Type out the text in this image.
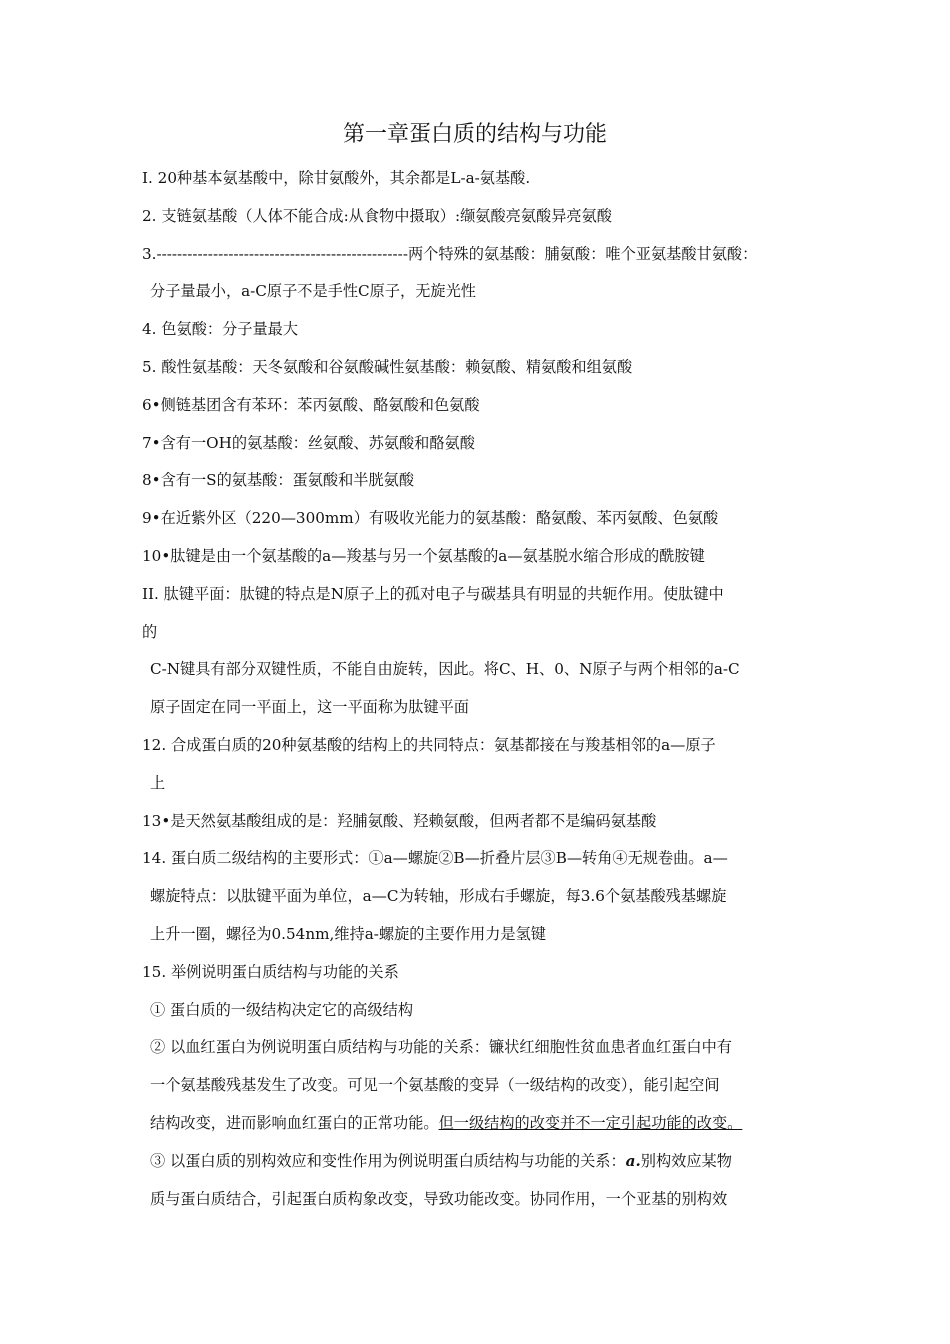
第一章蛋白质的结构与功能
I. 20种基本氨基酸中，除甘氨酸外，其余都是L-a-氨基酸.
2. 支链氨基酸（人体不能合成:从食物中摄取）:缬氨酸亮氨酸异亮氨酸
3.-------------------------------------------------两个特殊的氨基酸：脯氨酸：唯个亚氨基酸甘氨酸：
分子量最小，a-C原子不是手性C原子，无旋光性
4. 色氨酸：分子量最大
5. 酸性氨基酸：天冬氨酸和谷氨酸碱性氨基酸：赖氨酸、精氨酸和组氨酸
6•侧链基团含有苯环：苯丙氨酸、酪氨酸和色氨酸
7•含有一OH的氨基酸：丝氨酸、苏氨酸和酪氨酸
8•含有一S的氨基酸：蛋氨酸和半胱氨酸
9•在近紫外区（220—300mm）有吸收光能力的氨基酸：酪氨酸、苯丙氨酸、色氨酸
10•肽键是由一个氨基酸的a—羧基与另一个氨基酸的a—氨基脱水缩合形成的酰胺键
II. 肽键平面：肽键的特点是N原子上的孤对电子与碳基具有明显的共轭作用。使肽键中
的
C-N键具有部分双键性质，不能自由旋转，因此。将C、H、0、N原子与两个相邻的a-C
原子固定在同一平面上，这一平面称为肽键平面
12. 合成蛋白质的20种氨基酸的结构上的共同特点：氨基都接在与羧基相邻的a—原子
上
13•是天然氨基酸组成的是：羟脯氨酸、羟赖氨酸，但两者都不是编码氨基酸
14. 蛋白质二级结构的主要形式：①a—螺旋②B—折叠片层③B—转角④无规卷曲。a—
螺旋特点：以肽键平面为单位，a—C为转轴，形成右手螺旋，每3.6个氨基酸残基螺旋
上升一圈，螺径为0.54nm,维持a-螺旋的主要作用力是氢键
15. 举例说明蛋白质结构与功能的关系
① 蛋白质的一级结构决定它的高级结构
② 以血红蛋白为例说明蛋白质结构与功能的关系：镰状红细胞性贫血患者血红蛋白中有
一个氨基酸残基发生了改变。可见一个氨基酸的变异（一级结构的改变），能引起空间
结构改变，进而影响血红蛋白的正常功能。但一级结构的改变并不一定引起功能的改变。
③ 以蛋白质的别构效应和变性作用为例说明蛋白质结构与功能的关系：a.别构效应某物
质与蛋白质结合，引起蛋白质构象改变，导致功能改变。协同作用，一个亚基的别构效
